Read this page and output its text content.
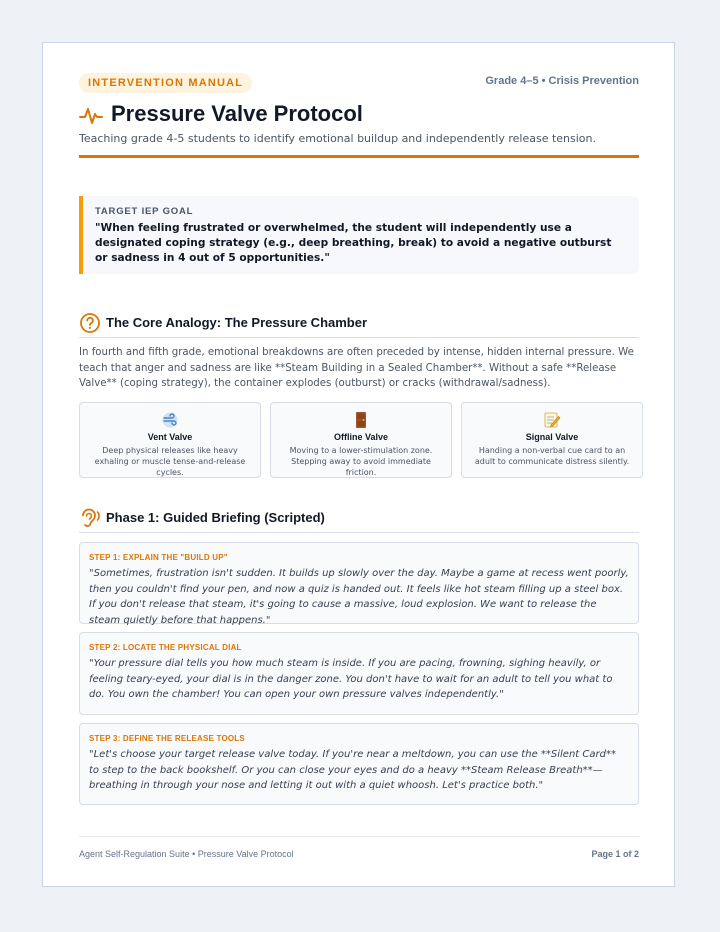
INTERVENTION MANUAL	Grade 4–5 • Crisis Prevention
Pressure Valve Protocol
Teaching grade 4-5 students to identify emotional buildup and independently release tension.
TARGET IEP GOAL
"When feeling frustrated or overwhelmed, the student will independently use a designated coping strategy (e.g., deep breathing, break) to avoid a negative outburst or sadness in 4 out of 5 opportunities."
The Core Analogy: The Pressure Chamber
In fourth and fifth grade, emotional breakdowns are often preceded by intense, hidden internal pressure. We teach that anger and sadness are like **Steam Building in a Sealed Chamber**. Without a safe **Release Valve** (coping strategy), the container explodes (outburst) or cracks (withdrawal/sadness).
Vent Valve
Deep physical releases like heavy exhaling or muscle tense-and-release cycles.
Offline Valve
Moving to a lower-stimulation zone. Stepping away to avoid immediate friction.
Signal Valve
Handing a non-verbal cue card to an adult to communicate distress silently.
Phase 1: Guided Briefing (Scripted)
STEP 1: EXPLAIN THE "BUILD UP"
"Sometimes, frustration isn't sudden. It builds up slowly over the day. Maybe a game at recess went poorly, then you couldn't find your pen, and now a quiz is handed out. It feels like hot steam filling up a steel box. If you don't release that steam, it's going to cause a massive, loud explosion. We want to release the steam quietly before that happens."
STEP 2: LOCATE THE PHYSICAL DIAL
"Your pressure dial tells you how much steam is inside. If you are pacing, frowning, sighing heavily, or feeling teary-eyed, your dial is in the danger zone. You don't have to wait for an adult to tell you what to do. You own the chamber! You can open your own pressure valves independently."
STEP 3: DEFINE THE RELEASE TOOLS
"Let's choose your target release valve today. If you're near a meltdown, you can use the **Silent Card** to step to the back bookshelf. Or you can close your eyes and do a heavy **Steam Release Breath**—breathing in through your nose and letting it out with a quiet whoosh. Let's practice both."
Agent Self-Regulation Suite • Pressure Valve Protocol	Page 1 of 2
